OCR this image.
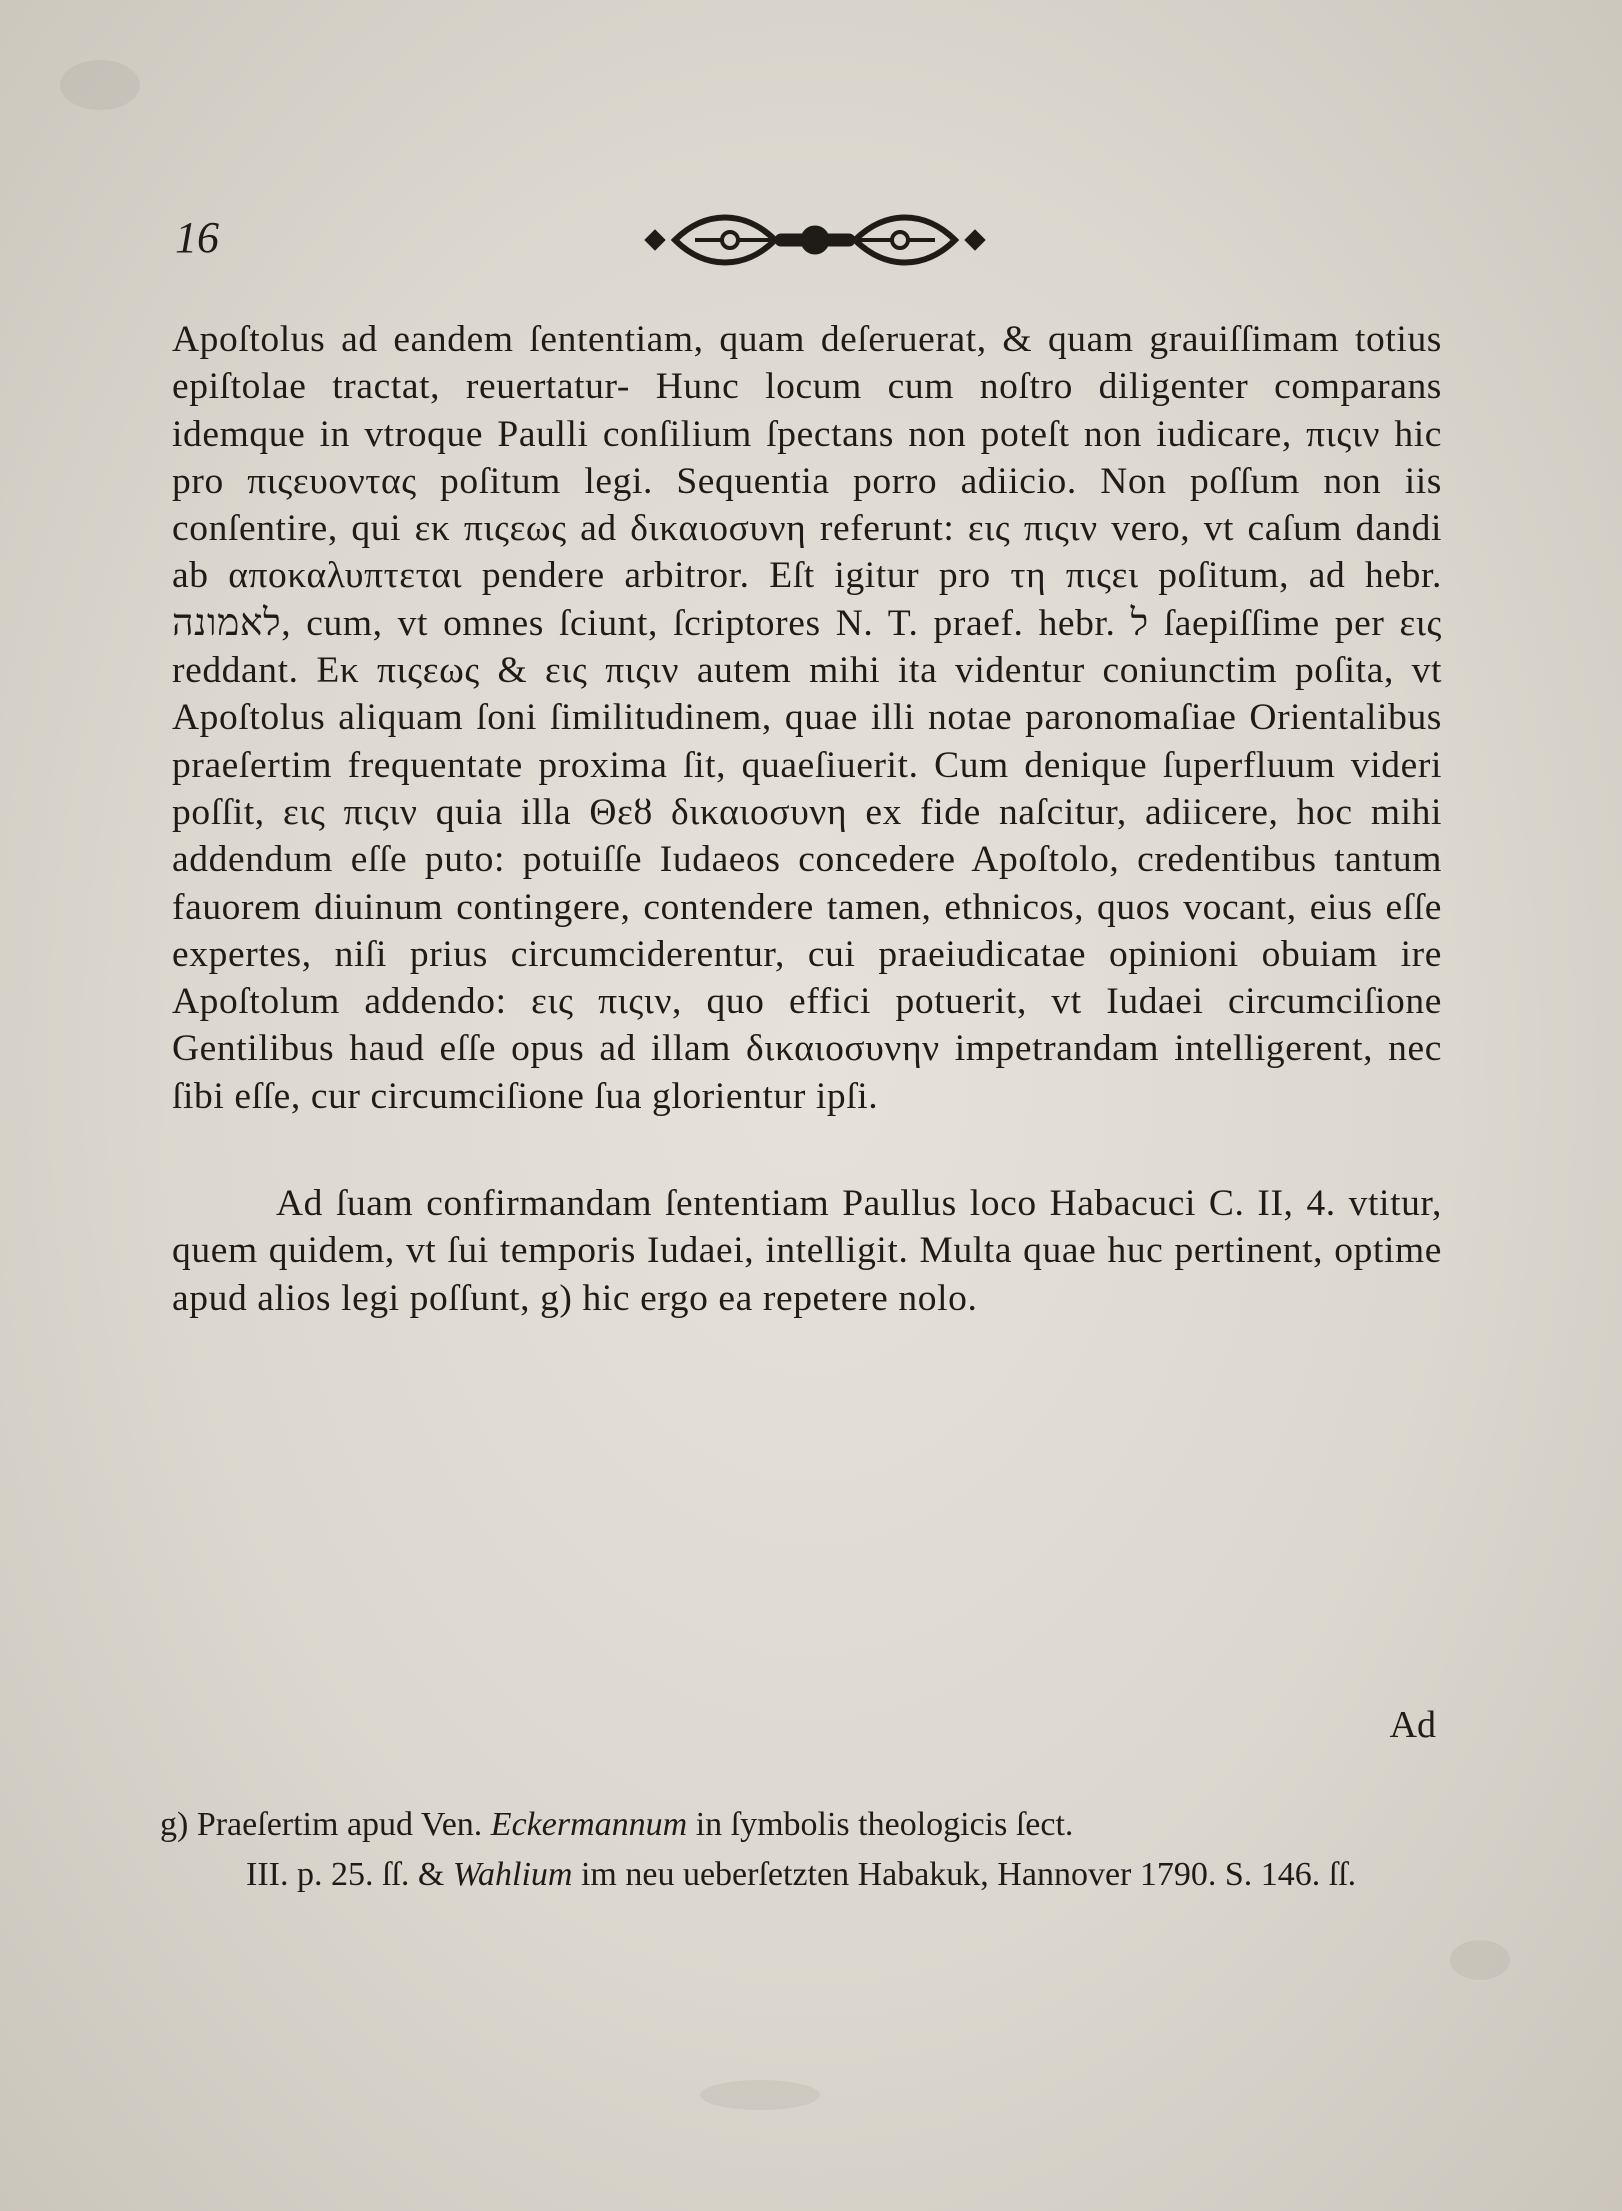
16

Apoſtolus ad eandem ſententiam, quam deſeruerat, & quam grauiſſimam totius epiſtolae tractat, reuertatur- Hunc locum cum noſtro diligenter comparans idemque in vtroque Paulli conſilium ſpectans non poteſt non iudicare, πιςιν hic pro πιςευοντας poſitum legi. Sequentia porro adiicio. Non poſſum non iis conſentire, qui εκ πιςεως ad δικαιοσυνη referunt: εις πιςιν vero, vt caſum dandi ab αποκαλυπτεται pendere arbitror. Eſt igitur pro τη πιςει poſitum, ad hebr. לאמונה, cum, vt omnes ſciunt, ſcriptores N. T. praef. hebr. ל ſaepiſſime per εις reddant. Εκ πιςεως & εις πιςιν autem mihi ita videntur coniunctim poſita, vt Apoſtolus aliquam ſoni ſimilitudinem, quae illi notae paronomaſiae Orientalibus praeſertim frequentate proxima ſit, quaeſiuerit. Cum denique ſuperfluum videri poſſit, εις πιςιν quia illa Θεȣ δικαιοσυνη ex fide naſcitur, adiicere, hoc mihi addendum eſſe puto: potuiſſe Iudaeos concedere Apoſtolo, credentibus tantum fauorem diuinum contingere, contendere tamen, ethnicos, quos vocant, eius eſſe expertes, niſi prius circumciderentur, cui praeiudicatae opinioni obuiam ire Apoſtolum addendo: εις πιςιν, quo effici potuerit, vt Iudaei circumciſione Gentilibus haud eſſe opus ad illam δικαιοσυνην impetrandam intelligerent, nec ſibi eſſe, cur circumciſione ſua glorientur ipſi.

Ad ſuam confirmandam ſententiam Paullus loco Habacuci C. II, 4. vtitur, quem quidem, vt ſui temporis Iudaei, intelligit. Multa quae huc pertinent, optime apud alios legi poſſunt, g) hic ergo ea repetere nolo.

Ad
g) Praeſertim apud Ven. Eckermannum in ſymbolis theologicis ſect.
III. p. 25. ſſ. & Wahlium im neu ueberſetzten Habakuk, Hannover 1790. S. 146. ſſ.
